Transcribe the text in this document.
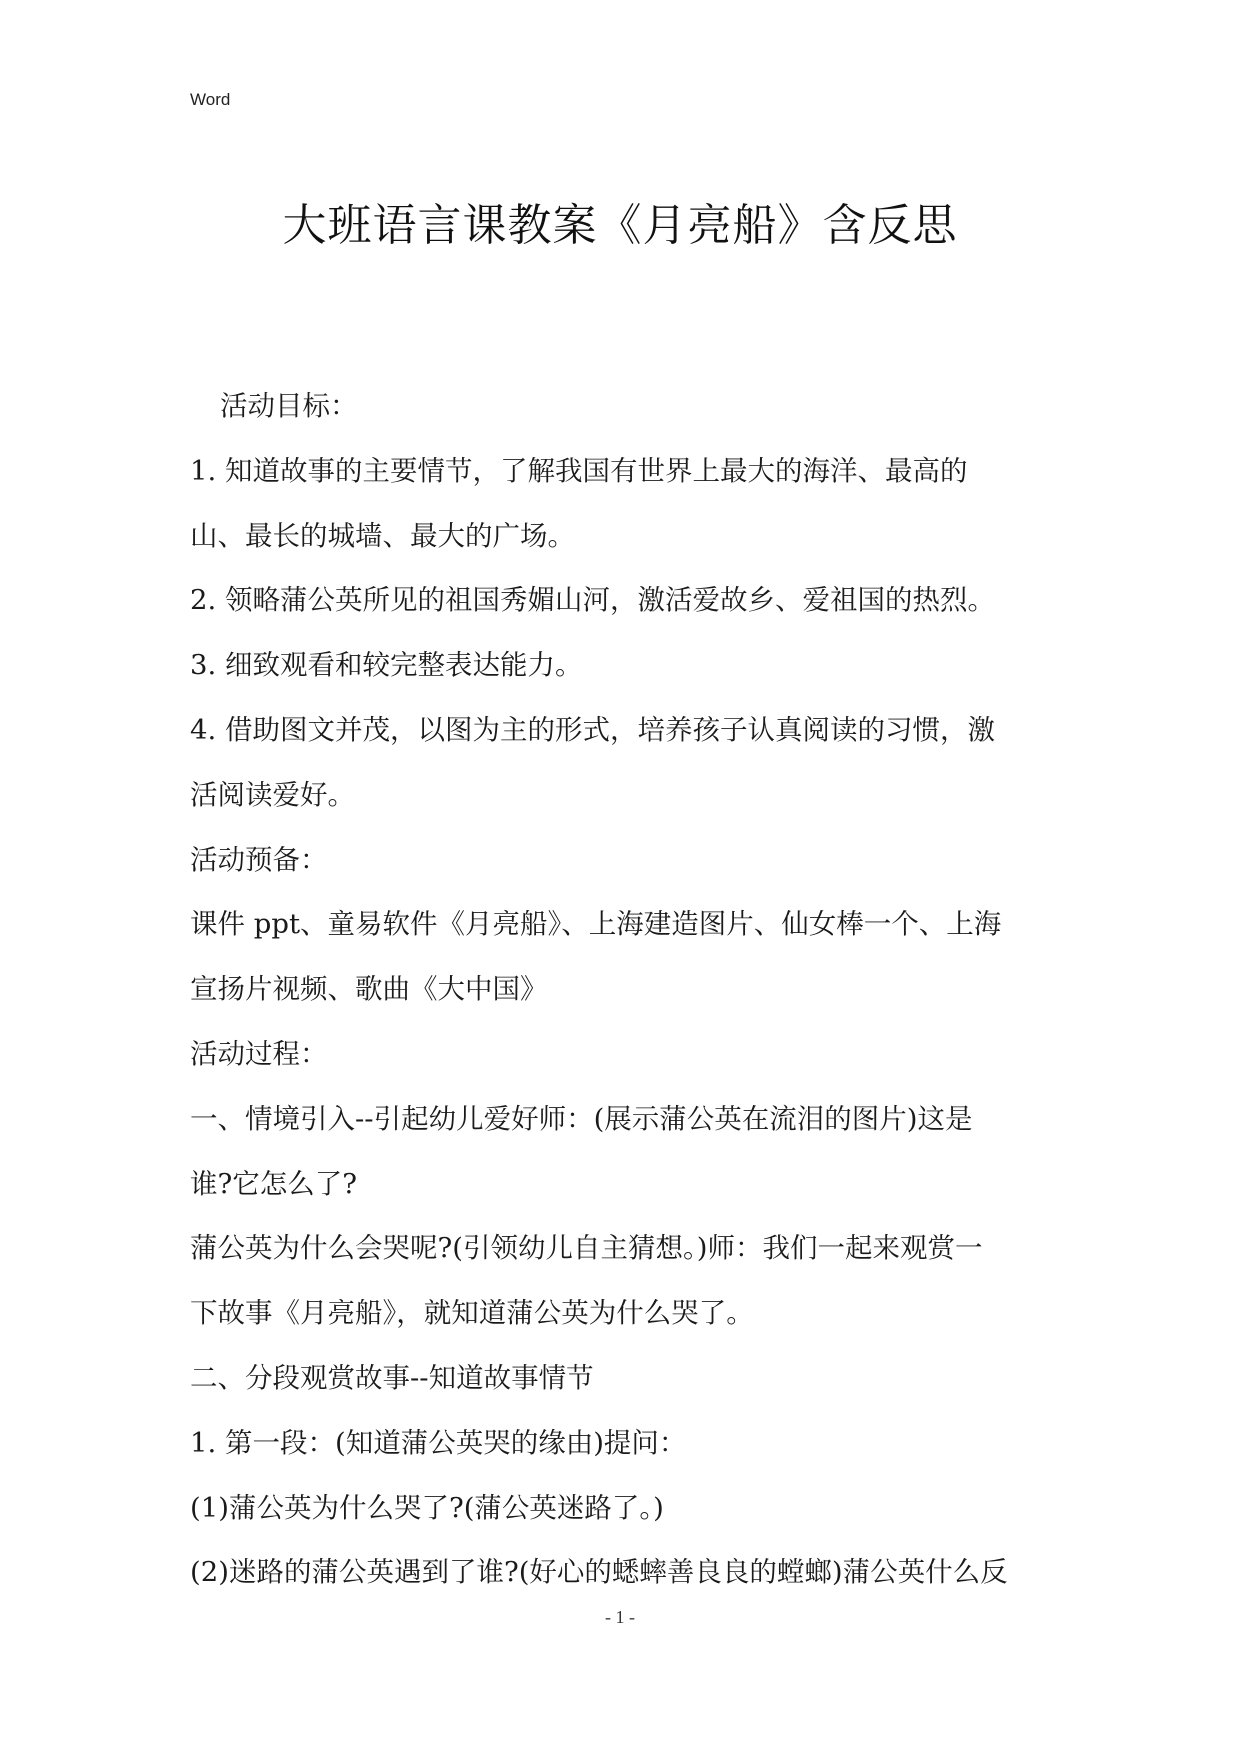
Word
大班语言课教案《月亮船》含反思

活动目标：

1. 知道故事的主要情节，了解我国有世界上最大的海洋、最高的

山、最长的城墙、最大的广场。

2. 领略蒲公英所见的祖国秀媚山河，激活爱故乡、爱祖国的热烈。

3. 细致观看和较完整表达能力。

4. 借助图文并茂，以图为主的形式，培养孩子认真阅读的习惯，激

活阅读爱好。

活动预备：

课件 ppt、童易软件《月亮船》、上海建造图片、仙女棒一个、上海

宣扬片视频、歌曲《大中国》

活动过程：

一、情境引入--引起幼儿爱好师：(展示蒲公英在流泪的图片)这是

谁?它怎么了?

蒲公英为什么会哭呢?(引领幼儿自主猜想。)师：我们一起来观赏一

下故事《月亮船》，就知道蒲公英为什么哭了。

二、分段观赏故事--知道故事情节

1. 第一段：(知道蒲公英哭的缘由)提问：

(1)蒲公英为什么哭了?(蒲公英迷路了。)

(2)迷路的蒲公英遇到了谁?(好心的蟋蟀善良良的螳螂)蒲公英什么反

- 1 -
